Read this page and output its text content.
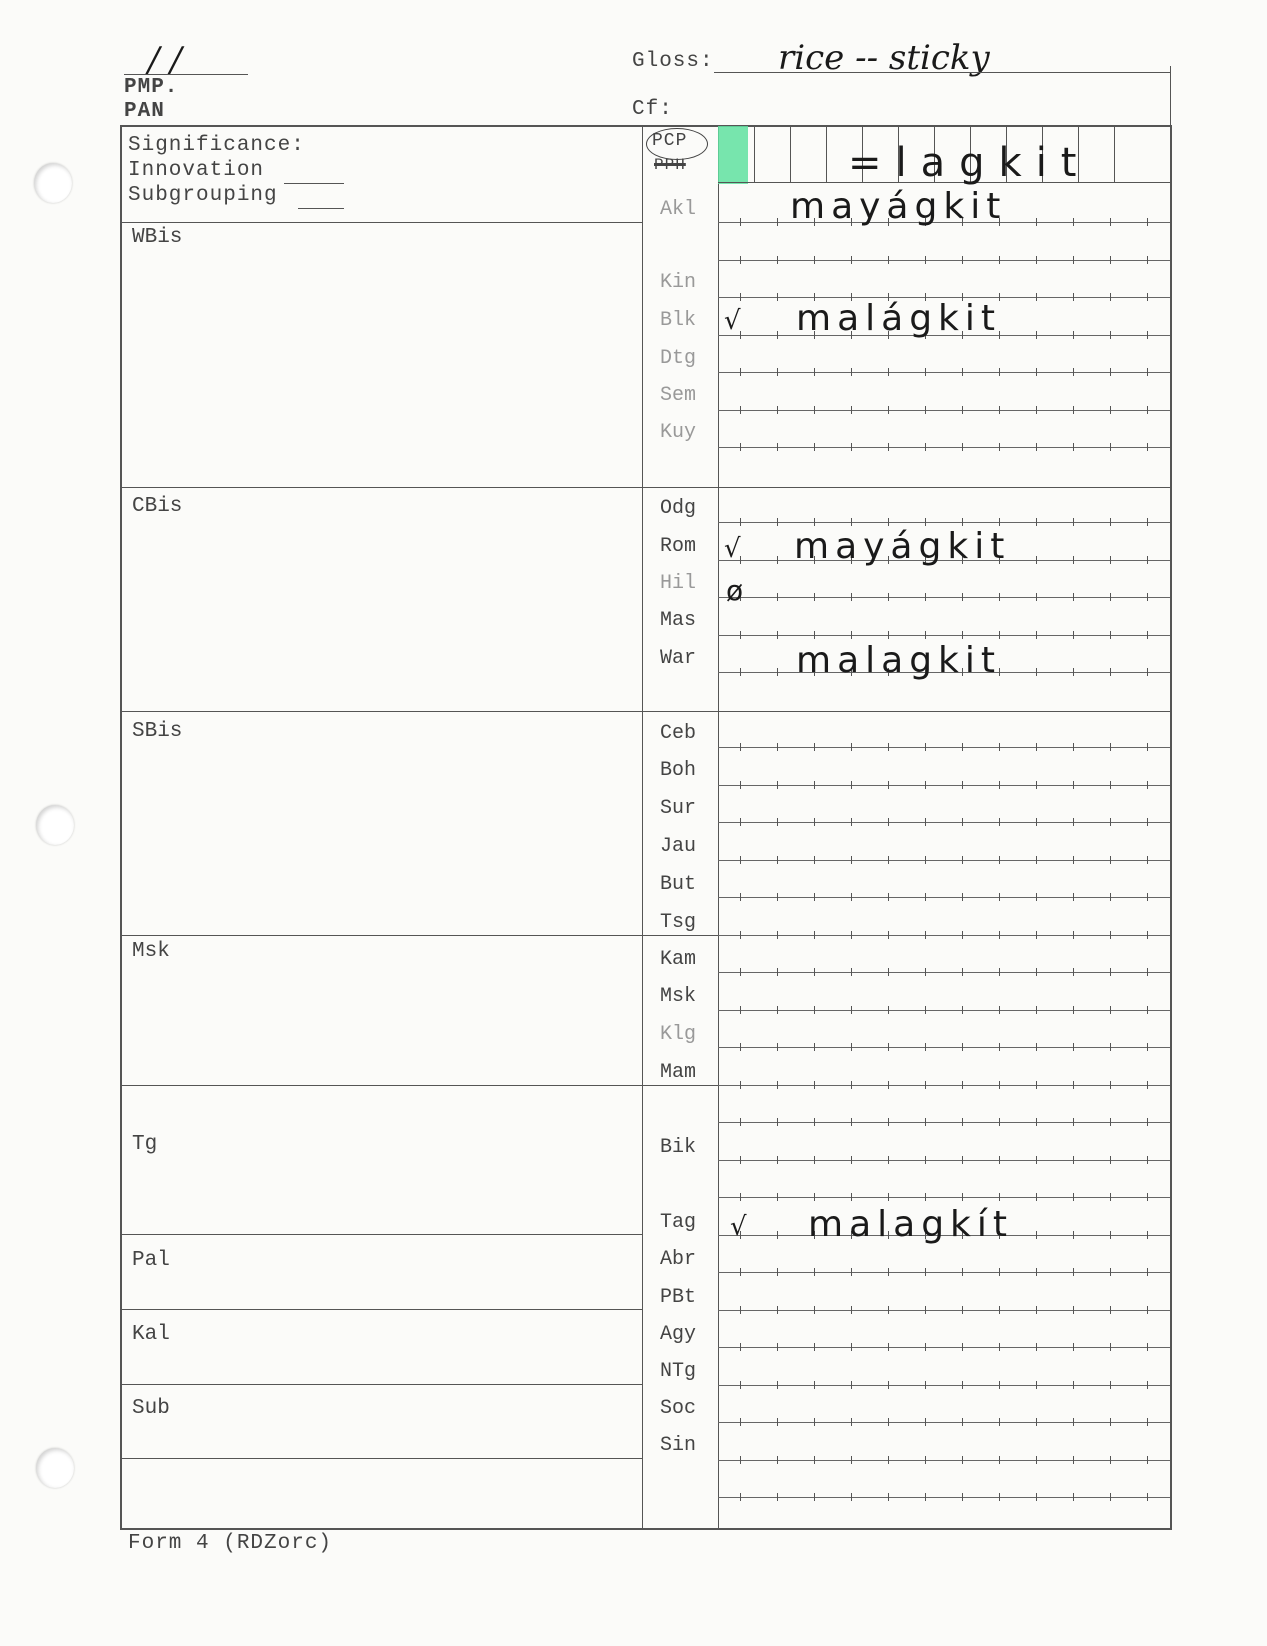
/ /
PMP.
PAN
Gloss: rice -- sticky
Cf:
Significance:
Innovation
Subgrouping
PCP
PPH	=lagkit
WBis
CBis
SBis
Msk
Tg
Pal
Kal
Sub
Akl
Kin
Blk
Dtg
Sem
Kuy
Odg
Rom
Hil
Mas
War
Ceb
Boh
Sur
Jau
But
Tsg
Kam
Msk
Klg
Mam
Bik
Tag
Abr
PBt
Agy
NTg
Soc
Sin
mayágkit
√ malágkit
√ mayágkit
ø
malagkit
√ malagkít
Form 4 (RDZorc)
